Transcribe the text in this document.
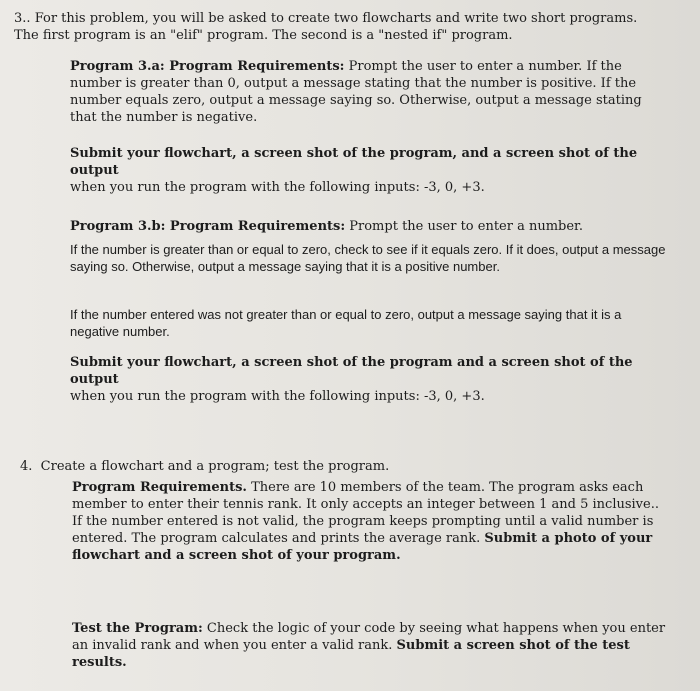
3.. For this problem, you will be asked to create two flowcharts and write two short programs.
The first program is an "elif" program. The second is a "nested if" program.

Program 3.a: Program Requirements: Prompt the user to enter a number. If the number is greater than 0, output a message stating that the number is positive. If the number equals zero, output a message saying so. Otherwise, output a message stating that the number is negative.

Submit your flowchart, a screen shot of the program, and a screen shot of the output
when you run the program with the following inputs: -3, 0, +3.

Program 3.b: Program Requirements: Prompt the user to enter a number.

If the number is greater than or equal to zero, check to see if it equals zero. If it does, output a message saying so. Otherwise, output a message saying that it is a positive number.

If the number entered was not greater than or equal to zero, output a message saying that it is a negative number.

Submit your flowchart, a screen shot of the program and a screen shot of the output
when you run the program with the following inputs: -3, 0, +3.

4. Create a flowchart and a program; test the program.

Program Requirements. There are 10 members of the team. The program asks each member to enter their tennis rank. It only accepts an integer between 1 and 5 inclusive.. If the number entered is not valid, the program keeps prompting until a valid number is entered. The program calculates and prints the average rank. Submit a photo of your flowchart and a screen shot of your program.

Test the Program: Check the logic of your code by seeing what happens when you enter an invalid rank and when you enter a valid rank. Submit a screen shot of the test results.
